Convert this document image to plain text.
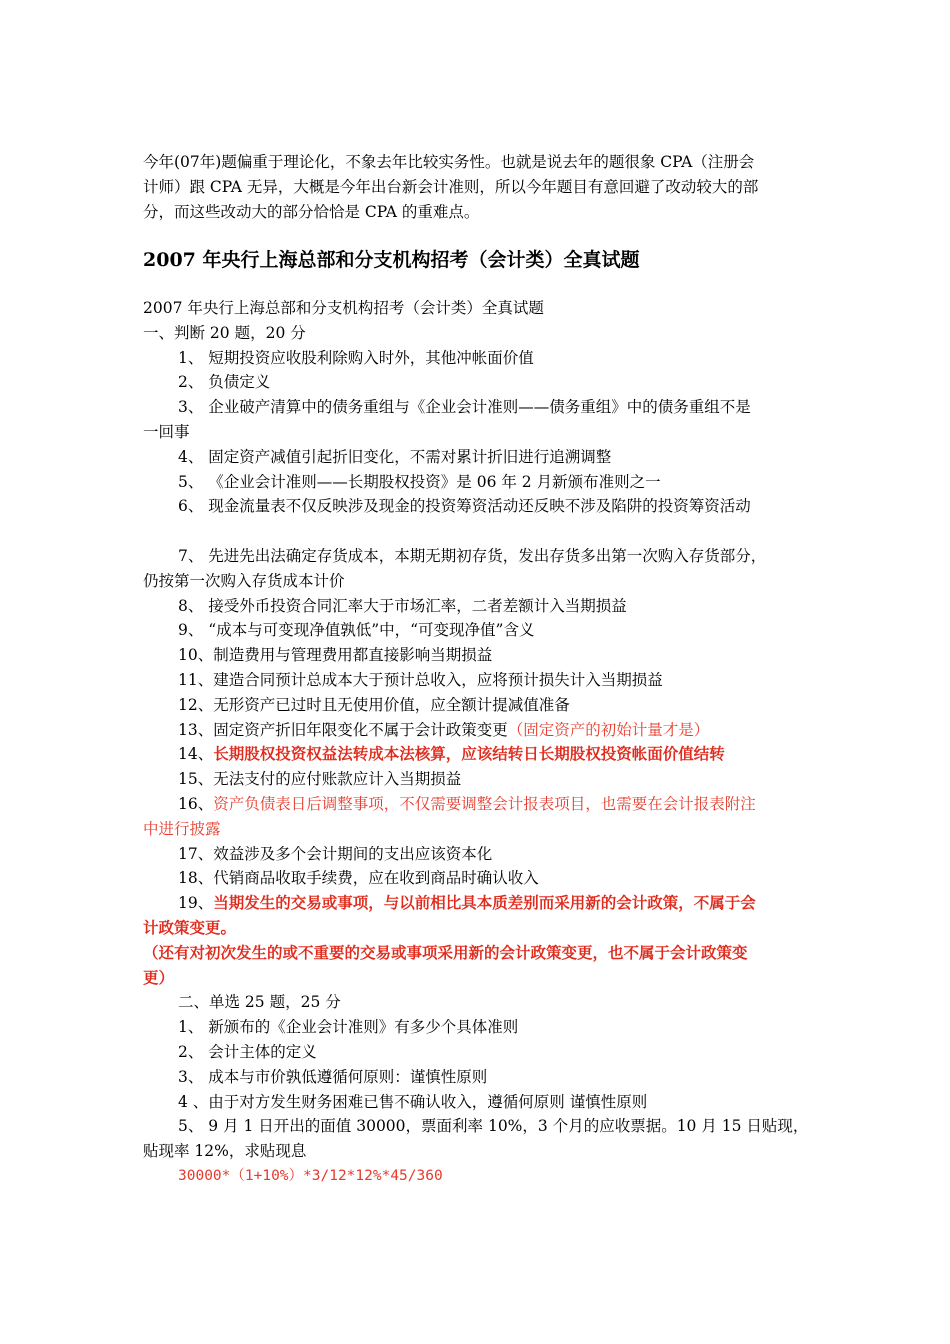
今年(07年)题偏重于理论化，不象去年比较实务性。也就是说去年的题很象 CPA（注册会
计师）跟 CPA 无异，大概是今年出台新会计准则，所以今年题目有意回避了改动较大的部
分，而这些改动大的部分恰恰是 CPA 的重难点。
2007 年央行上海总部和分支机构招考（会计类）全真试题
2007 年央行上海总部和分支机构招考（会计类）全真试题
一、判断 20 题，20 分
1、 短期投资应收股利除购入时外，其他冲帐面价值
2、 负债定义
3、 企业破产清算中的债务重组与《企业会计准则——债务重组》中的债务重组不是
一回事
4、 固定资产减值引起折旧变化，不需对累计折旧进行追溯调整
5、 《企业会计准则——长期股权投资》是 06 年 2 月新颁布准则之一
6、 现金流量表不仅反映涉及现金的投资筹资活动还反映不涉及陷阱的投资筹资活动
7、 先进先出法确定存货成本，本期无期初存货，发出存货多出第一次购入存货部分，
仍按第一次购入存货成本计价
8、 接受外币投资合同汇率大于市场汇率，二者差额计入当期损益
9、 “成本与可变现净值孰低”中，“可变现净值”含义
10、制造费用与管理费用都直接影响当期损益
11、建造合同预计总成本大于预计总收入，应将预计损失计入当期损益
12、无形资产已过时且无使用价值，应全额计提减值准备
13、固定资产折旧年限变化不属于会计政策变更（固定资产的初始计量才是）
14、长期股权投资权益法转成本法核算，应该结转日长期股权投资帐面价值结转
15、无法支付的应付账款应计入当期损益
16、资产负债表日后调整事项，不仅需要调整会计报表项目，也需要在会计报表附注
中进行披露
17、效益涉及多个会计期间的支出应该资本化
18、代销商品收取手续费，应在收到商品时确认收入
19、当期发生的交易或事项，与以前相比具本质差别而采用新的会计政策，不属于会
计政策变更。
（还有对初次发生的或不重要的交易或事项采用新的会计政策变更，也不属于会计政策变
更）
二、单选 25 题，25 分
1、 新颁布的《企业会计准则》有多少个具体准则
2、 会计主体的定义
3、 成本与市价孰低遵循何原则：谨慎性原则
4 、由于对方发生财务困难已售不确认收入，遵循何原则 谨慎性原则
5、 9 月 1 日开出的面值 30000，票面利率 10%，3 个月的应收票据。10 月 15 日贴现，
贴现率 12%，求贴现息
30000*（1+10%）*3/12*12%*45/360
